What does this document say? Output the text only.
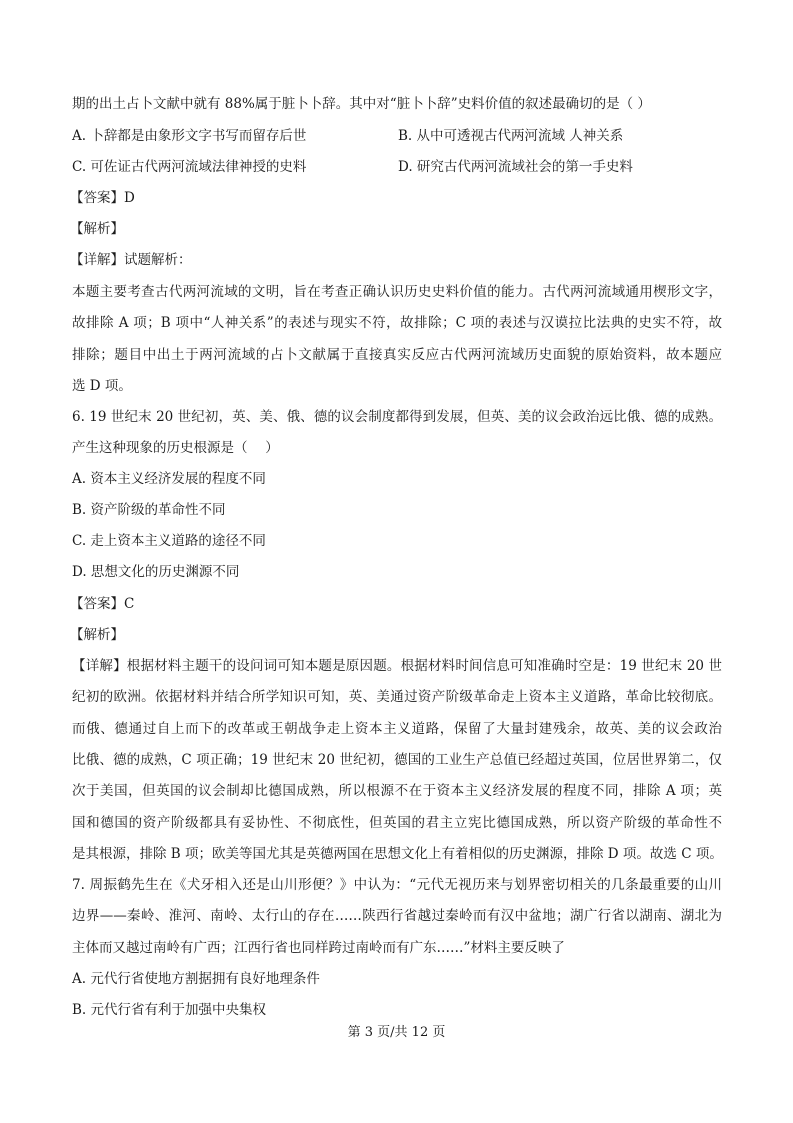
期的出土占卜文献中就有 88%属于脏卜卜辞。其中对“脏卜卜辞”史料价值的叙述最确切的是（ ）
A. 卜辞都是由象形文字书写而留存后世	B. 从中可透视古代两河流域 人神关系
C. 可佐证古代两河流域法律神授的史料	D. 研究古代两河流域社会的第一手史料
【答案】D
【解析】
【详解】试题解析：
本题主要考查古代两河流域的文明，旨在考查正确认识历史史料价值的能力。古代两河流域通用楔形文字，
故排除 A 项；B 项中“人神关系”的表述与现实不符，故排除；C 项的表述与汉谟拉比法典的史实不符，故
排除；题目中出土于两河流域的占卜文献属于直接真实反应古代两河流域历史面貌的原始资料，故本题应
选 D 项。
6. 19 世纪末 20 世纪初，英、美、俄、德的议会制度都得到发展，但英、美的议会政治远比俄、德的成熟。
产生这种现象的历史根源是（　 ）
A. 资本主义经济发展的程度不同
B. 资产阶级的革命性不同
C. 走上资本主义道路的途径不同
D. 思想文化的历史渊源不同
【答案】C
【解析】
【详解】根据材料主题干的设问词可知本题是原因题。根据材料时间信息可知准确时空是：19 世纪末 20 世
纪初的欧洲。依据材料并结合所学知识可知，英、美通过资产阶级革命走上资本主义道路，革命比较彻底。
而俄、德通过自上而下的改革或王朝战争走上资本主义道路，保留了大量封建残余，故英、美的议会政治
比俄、德的成熟，C 项正确；19 世纪末 20 世纪初，德国的工业生产总值已经超过英国，位居世界第二，仅
次于美国，但英国的议会制却比德国成熟，所以根源不在于资本主义经济发展的程度不同，排除 A 项；英
国和德国的资产阶级都具有妥协性、不彻底性，但英国的君主立宪比德国成熟，所以资产阶级的革命性不
是其根源，排除 B 项；欧美等国尤其是英德两国在思想文化上有着相似的历史渊源，排除 D 项。故选 C 项。
7. 周振鹤先生在《犬牙相入还是山川形便？》中认为：“元代无视历来与划界密切相关的几条最重要的山川
边界——秦岭、淮河、南岭、太行山的存在……陕西行省越过秦岭而有汉中盆地；湖广行省以湖南、湖北为
主体而又越过南岭有广西；江西行省也同样跨过南岭而有广东……”材料主要反映了
A. 元代行省使地方割据拥有良好地理条件
B. 元代行省有利于加强中央集权
第 3 页/共 12 页
